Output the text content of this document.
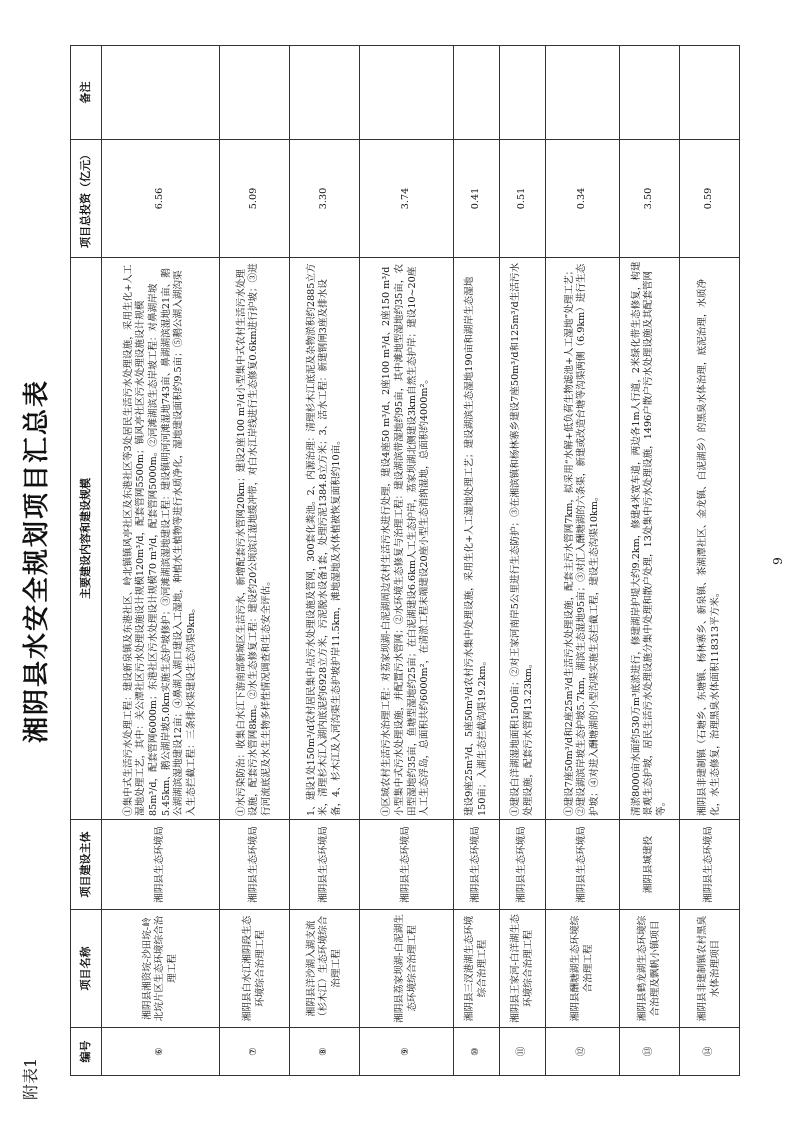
附表1
湘阴县水安全规划项目汇总表
编号	项目名称	项目建设主体	主要建设内容和建设规模	项目总投资（亿元）	备注
⑥	湘阴县湘资垸-沙田垸-岭北垸片区生态环境综合治理工程	湘阴县生态环境局	①集中式生活污水处理工程：建设新泉镇及东港社区、岭北镇镇风亭社区及东港社区等3处居民生活污水处理设施，采用生化+人工湿地处理工艺，其中：关公潭社区污水处理设施设计规模120m³/d，配套管网5500m；镇风亭社区污水处理设施设计规模85m³/d，配套管网6000m；东港社区污水处理设计规模70 m³/d，配套管网5000m。②河滩湖滨生态岸坡工程：对鼻湖岸坡5.45km、鹅公湖岸坡5.0km实施生态护坡修护；③河滩湖滨湿地建设工程：建设镇明河河滩湿地743亩、鼻湖湖滨湿地21亩、鹅公湖湖滨湿地建设12亩；④鼻湖入湖口建设入工湿地，种植水生植物等进行水质净化，湿地建设面积约9.5亩；⑤鹅公湖入湖沟渠入生态拦截工程：三条排水渠建设生态沟渠9km。	6.56	
⑦	湘阴县白水江湘阴段生态环境综合治理工程	湘阴县生态环境局	①水污染防治：收集白水江下游南部新城区生活污水，新增配套污水管网20km；建设2座100 m³/d小型集中式农村生活污水处理设施，配套污水管网8km。②水生态修复工程：建设约20公顷滨江湿地缓冲带，对白水江岸线进行生态修复0.6km进行护坡；③进行河流底泥及水生生物多样性情况调查和生态安全评估。	5.09	
⑧	湘阴县洋沙湖入湖支流（杉木江）生态环境综合治理工程	湘阴县生态环境局	1、建设1处150m³/d农村居民集中点污水处理设施及管网，300套化粪池。2、内源治理：清理杉木江底泥及杂物淤积约2885立方米，清理杉木江入湖内底泥约6928立方米，污泥脱水设备1套，处理污泥1384.8立方米；3、活水工程：新建钢闸3座及排水设备，4、杉木江及入河沟渠生态护坡护岸11.5km，滩地湿地及水体植被恢复面积约10亩。	3.30	
⑨	湘阴县荔家坝湖-白泥湖生态环境综合治理工程	湘阴县生态环境局	①区域农村生活污水治理工程：对荔家坝湖-白泥湖周边农村生活污水进行处理，建设4座50 m³/d、2座100 m³/d、2座150 m³/d小型集中式污水处理设施，并配置污水管网；②水环境生态修复与治理工程：建设湖滨带湿地约95亩，其中滩地型湿地约35亩，农田型湿地约35亩，鱼塘型湿地约25亩；在白泥湖建设6.6km人工生态护岸，荔家坝湖北侧建设3km自然生态护岸；建设10~20座人工生态浮岛，总面积共约6000m²，在清淤工程末端建设20座小型生态消纳湿地，总面积约4000m²。	3.74	
⑩	湘阴县三汊港湖生态环境综合治理工程	湘阴县生态环境局	建设9座25m³/d、5座50m³/d农村污水集中处理设施，采用生化+人工湿地处理工艺；建设湖滨生态湿地190亩和湖岸生态湿地150亩；入湖生态拦截沟渠19.2km。	0.41	
⑪	湘阴县王家河-白洋湖生态环境综合治理工程	湘阴县生态环境局	①建设白洋湖湿地面积1500亩；②对王家河南岸5公里进行生态防护；③在湘滨镇和杨林寨乡建设7座50m³/d和125m³/d生活污水处理设施，配套污水管网13.23km。	0.51	
⑫	湘阴县酬塘湖生态环境综合治理工程	湘阴县生态环境局	①建设7座50m³/d和2座25m³/d生活污水处理设施，配套主污水管网7km，拟采用“水解+低负荷生物滤池+人工湿地”处理工艺；②建设湖滨岸坡生态护坡5.7km，湖滨生态湿地95亩；③对汇入酬塘湖的六条渠，新建或改造台塘等沟渠两侧（6.9km）进行生态护坡；④对进入酬塘湖的小型沟渠实施生态拦截工程，建设生态沟渠10km。	0.34	
⑬	湘阴县鹤龙湖生态环境综合治理及飘帆小镇项目	湘阴县城建投	清淤8000亩水面约530万m³底淤进行，修建湖岸护堤大约9.2km，修建4米宽车道，两边各1m人行道，2米绿化带生态修复，构建景观生态护坡，居民生活污水处理设施分集中处理和散户处理，13处集中污水处理设施，1496户散户污水处理设施及其配套管网等。	3.50	
⑭	湘阴县非建制镇农村黑臭水体治理项目	湘阴县生态环境局	湘阴县非建制镇（石塘乡、东塘镇、杨林寨乡、新泉镇、茶湖潭社区、金龙镇、白泥湖乡）的黑臭水体治理，底泥治理，水质净化，水生态修复，治理黑臭水体面积118313平方米。	0.59	
9
